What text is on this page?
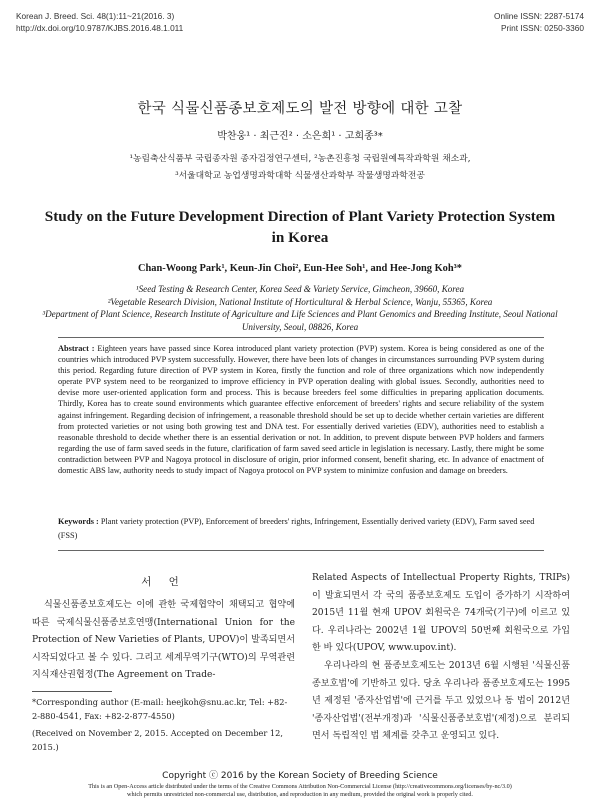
Korean J. Breed. Sci. 48(1):11~21(2016. 3)
http://dx.doi.org/10.9787/KJBS.2016.48.1.011
Online ISSN: 2287-5174
Print ISSN: 0250-3360
한국 식물신품종보호제도의 발전 방향에 대한 고찰
박찬웅¹ · 최근진² · 소은희¹ · 고희종³*
¹농림축산식품부 국립종자원 종자검정연구센터, ²농촌진흥청 국립원예특작과학원 채소과,
³서울대학교 농업생명과학대학 식물생산과학부 작물생명과학전공
Study on the Future Development Direction of Plant Variety Protection System in Korea
Chan-Woong Park¹, Keun-Jin Choi², Eun-Hee Soh¹, and Hee-Jong Koh³*
¹Seed Testing & Research Center, Korea Seed & Variety Service, Gimcheon, 39660, Korea
²Vegetable Research Division, National Institute of Horticultural & Herbal Science, Wanju, 55365, Korea
³Department of Plant Science, Research Institute of Agriculture and Life Sciences and Plant Genomics and Breeding Institute, Seoul National University, Seoul, 08826, Korea
Abstract : Eighteen years have passed since Korea introduced plant variety protection (PVP) system. Korea is being considered as one of the countries which introduced PVP system successfully. However, there have been lots of changes in circumstances surrounding PVP system during this period. Regarding future direction of PVP system in Korea, firstly the function and role of three organizations which now independently operate PVP system need to be reorganized to improve efficiency in PVP operation dealing with global issues. Secondly, authorities need to devise more user-oriented application form and process. This is because breeders feel some difficulties in preparing application documents. Thirdly, Korea has to create sound environments which guarantee effective enforcement of breeders' rights and secure reliability of the system against infringement. Regarding decision of infringement, a reasonable threshold should be set up to decide whether certain varieties are different from protected varieties or not using both growing test and DNA test. For essentially derived varieties (EDV), authorities need to establish a reasonable threshold to decide whether there is an essential derivation or not. In addition, to prevent dispute between PVP holders and farmers regarding the use of farm saved seeds in the future, clarification of farm saved seed article in legislation is necessary. Lastly, there might be some contradiction between PVP and Nagoya protocol in disclosure of origin, prior informed consent, benefit sharing, etc. In advance of enactment of domestic ABS law, authority needs to study impact of Nagoya protocol on PVP system to minimize confusion and damage on breeders.
Keywords : Plant variety protection (PVP), Enforcement of breeders' rights, Infringement, Essentially derived variety (EDV), Farm saved seed (FSS)
서 언

식물신품종보호제도는 이에 관한 국제협약이 채택되고 협약에 따른 국제식물신품종보호연맹(International Union for the Protection of New Varieties of Plants, UPOV)이 발족되면서 시작되었다고 볼 수 있다. 그리고 세계무역기구(WTO)의 무역관련지식재산권협정(The Agreement on Trade-

*Corresponding author (E-mail: heejkoh@snu.ac.kr, Tel: +82-2-880-4541, Fax: +82-2-877-4550)
(Received on November 2, 2015. Accepted on December 12, 2015.)

Related Aspects of Intellectual Property Rights, TRIPs)이 발효되면서 각 국의 품종보호제도 도입이 증가하기 시작하여 2015년 11월 현재 UPOV 회원국은 74개국(기구)에 이르고 있다. 우리나라는 2002년 1월 UPOV의 50번째 회원국으로 가입한 바 있다(UPOV, www.upov.int).

우리나라의 현 품종보호제도는 2013년 6월 시행된 '식물신품종보호법'에 기반하고 있다. 당초 우리나라 품종보호제도는 1995년 제정된 '종자산업법'에 근거를 두고 있었으나 동 법이 2012년 '종자산업법'(전부개정)과 '식물신품종보호법'(제정)으로 분리되면서 독립적인 법 체계를 갖추고 운영되고 있다.

Copyright ⓒ 2016 by the Korean Society of Breeding Science
This is an Open-Access article distributed under the terms of the Creative Commons Attribution Non-Commercial License (http://creativecommons.org/licenses/by-nc/3.0)
which permits unrestricted non-commercial use, distribution, and reproduction in any medium, provided the original work is properly cited.
